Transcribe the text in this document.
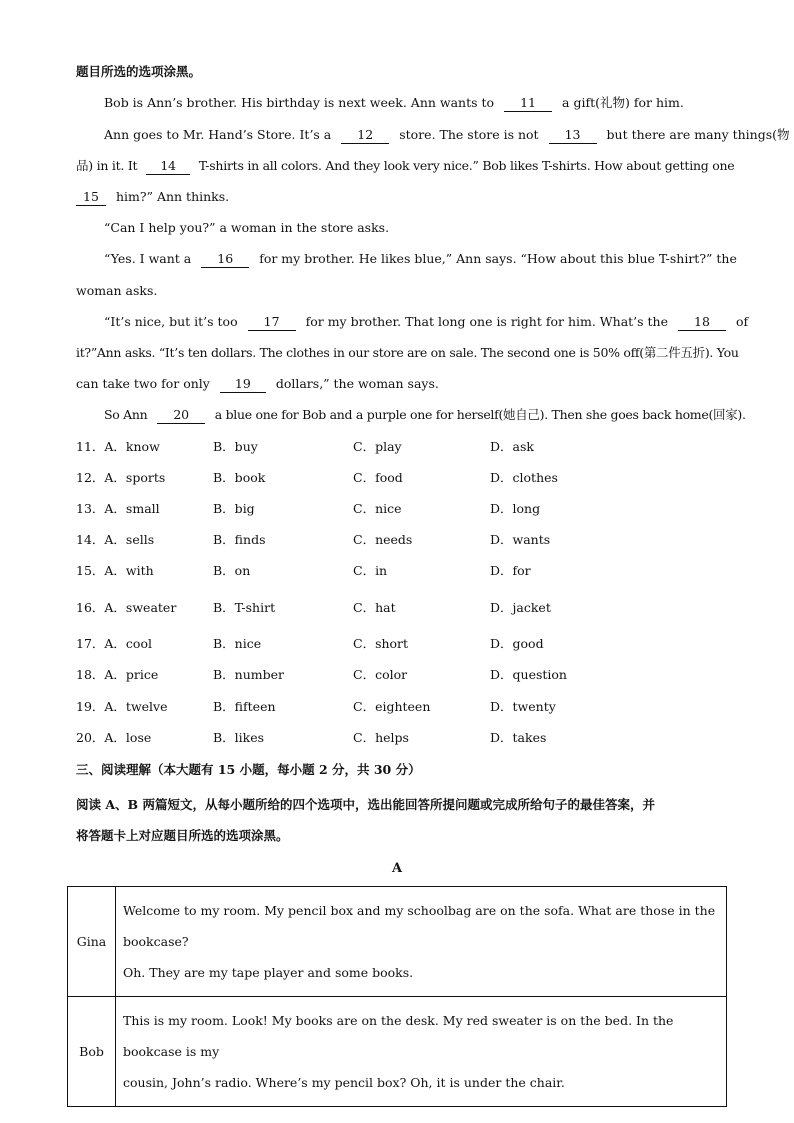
题目所选的选项涂黑。
Bob is Ann’s brother. His birthday is next week. Ann wants to 11 a gift(礼物) for him.
Ann goes to Mr. Hand’s Store. It’s a 12 store. The store is not 13 but there are many things(物
品) in it. It 14 T-shirts in all colors. And they look very nice.” Bob likes T-shirts. How about getting one
15 him?” Ann thinks.
“Can I help you?” a woman in the store asks.
“Yes. I want a 16 for my brother. He likes blue,” Ann says. “How about this blue T-shirt?” the
woman asks.
“It’s nice, but it’s too 17 for my brother. That long one is right for him. What’s the 18 of
it?”Ann asks. “It’s ten dollars. The clothes in our store are on sale. The second one is 50% off(第二件五折). You
can take two for only 19 dollars,” the woman says.
So Ann 20 a blue one for Bob and a purple one for herself(她自己). Then she goes back home(回家).
11．A．know	B．buy	C．play	D．ask
12．A．sports	B．book	C．food	D．clothes
13．A．small	B．big	C．nice	D．long
14．A．sells	B．finds	C．needs	D．wants
15．A．with	B．on	C．in	D．for
16．A．sweater	B．T-shirt	C．hat	D．jacket
17．A．cool	B．nice	C．short	D．good
18．A．price	B．number	C．color	D．question
19．A．twelve	B．fifteen	C．eighteen	D．twenty
20．A．lose	B．likes	C．helps	D．takes
三、阅读理解（本大题有 15 小题，每小题 2 分，共 30 分）
阅读 A、B 两篇短文，从每小题所给的四个选项中，选出能回答所提问题或完成所给句子的最佳答案，并
将答题卡上对应题目所选的选项涂黑。
A
Gina	Welcome to my room. My pencil box and my schoolbag are on the sofa. What are those in the bookcase?
Oh. They are my tape player and some books.

Bob	This is my room. Look! My books are on the desk. My red sweater is on the bed. In the bookcase is my
cousin, John’s radio. Where’s my pencil box? Oh, it is under the chair.
